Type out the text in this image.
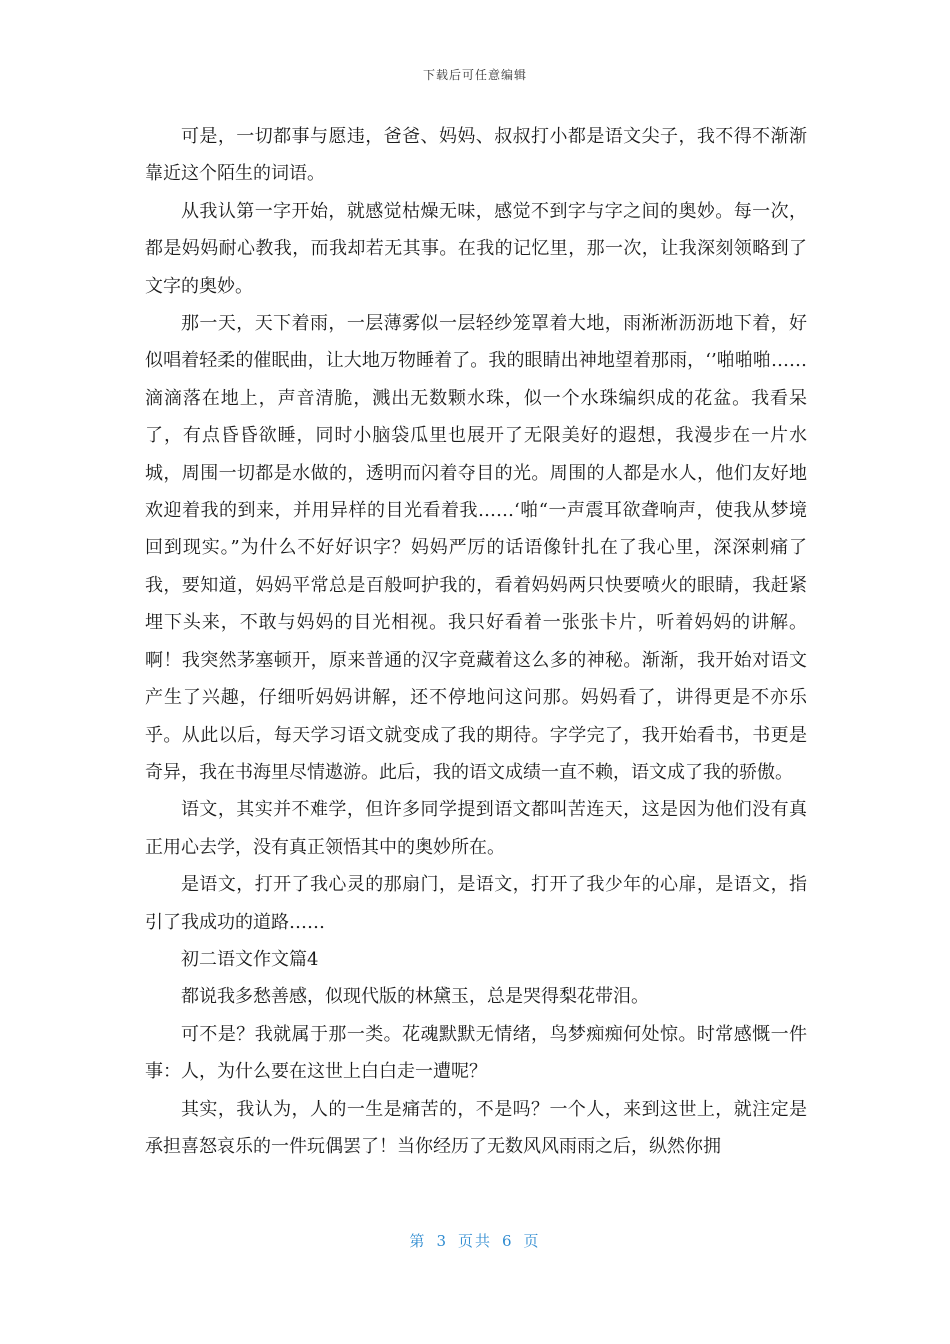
下载后可任意编辑

可是，一切都事与愿违，爸爸、妈妈、叔叔打小都是语文尖子，我不得不渐渐靠近这个陌生的词语。

从我认第一字开始，就感觉枯燥无味，感觉不到字与字之间的奥妙。每一次，都是妈妈耐心教我，而我却若无其事。在我的记忆里，那一次，让我深刻领略到了文字的奥妙。

那一天，天下着雨，一层薄雾似一层轻纱笼罩着大地，雨淅淅沥沥地下着，好似唱着轻柔的催眠曲，让大地万物睡着了。我的眼睛出神地望着那雨，‘’啪啪啪……滴滴落在地上，声音清脆，溅出无数颗水珠，似一个水珠编织成的花盆。我看呆了，有点昏昏欲睡，同时小脑袋瓜里也展开了无限美好的遐想，我漫步在一片水城，周围一切都是水做的，透明而闪着夺目的光。周围的人都是水人，他们友好地欢迎着我的到来，并用异样的目光看着我……‘啪“一声震耳欲聋响声，使我从梦境回到现实。”为什么不好好识字？妈妈严厉的话语像针扎在了我心里，深深刺痛了我，要知道，妈妈平常总是百般呵护我的，看着妈妈两只快要喷火的眼睛，我赶紧埋下头来，不敢与妈妈的目光相视。我只好看着一张张卡片，听着妈妈的讲解。啊！我突然茅塞顿开，原来普通的汉字竟藏着这么多的神秘。渐渐，我开始对语文产生了兴趣，仔细听妈妈讲解，还不停地问这问那。妈妈看了，讲得更是不亦乐乎。从此以后，每天学习语文就变成了我的期待。字学完了，我开始看书，书更是奇异，我在书海里尽情遨游。此后，我的语文成绩一直不赖，语文成了我的骄傲。

语文，其实并不难学，但许多同学提到语文都叫苦连天，这是因为他们没有真正用心去学，没有真正领悟其中的奥妙所在。

是语文，打开了我心灵的那扇门，是语文，打开了我少年的心扉，是语文，指引了我成功的道路……

初二语文作文篇4

都说我多愁善感，似现代版的林黛玉，总是哭得梨花带泪。

可不是？我就属于那一类。花魂默默无情绪，鸟梦痴痴何处惊。时常感慨一件事：人，为什么要在这世上白白走一遭呢？

其实，我认为，人的一生是痛苦的，不是吗？一个人，来到这世上，就注定是承担喜怒哀乐的一件玩偶罢了！当你经历了无数风风雨雨之后，纵然你拥

第 3 页共 6 页
